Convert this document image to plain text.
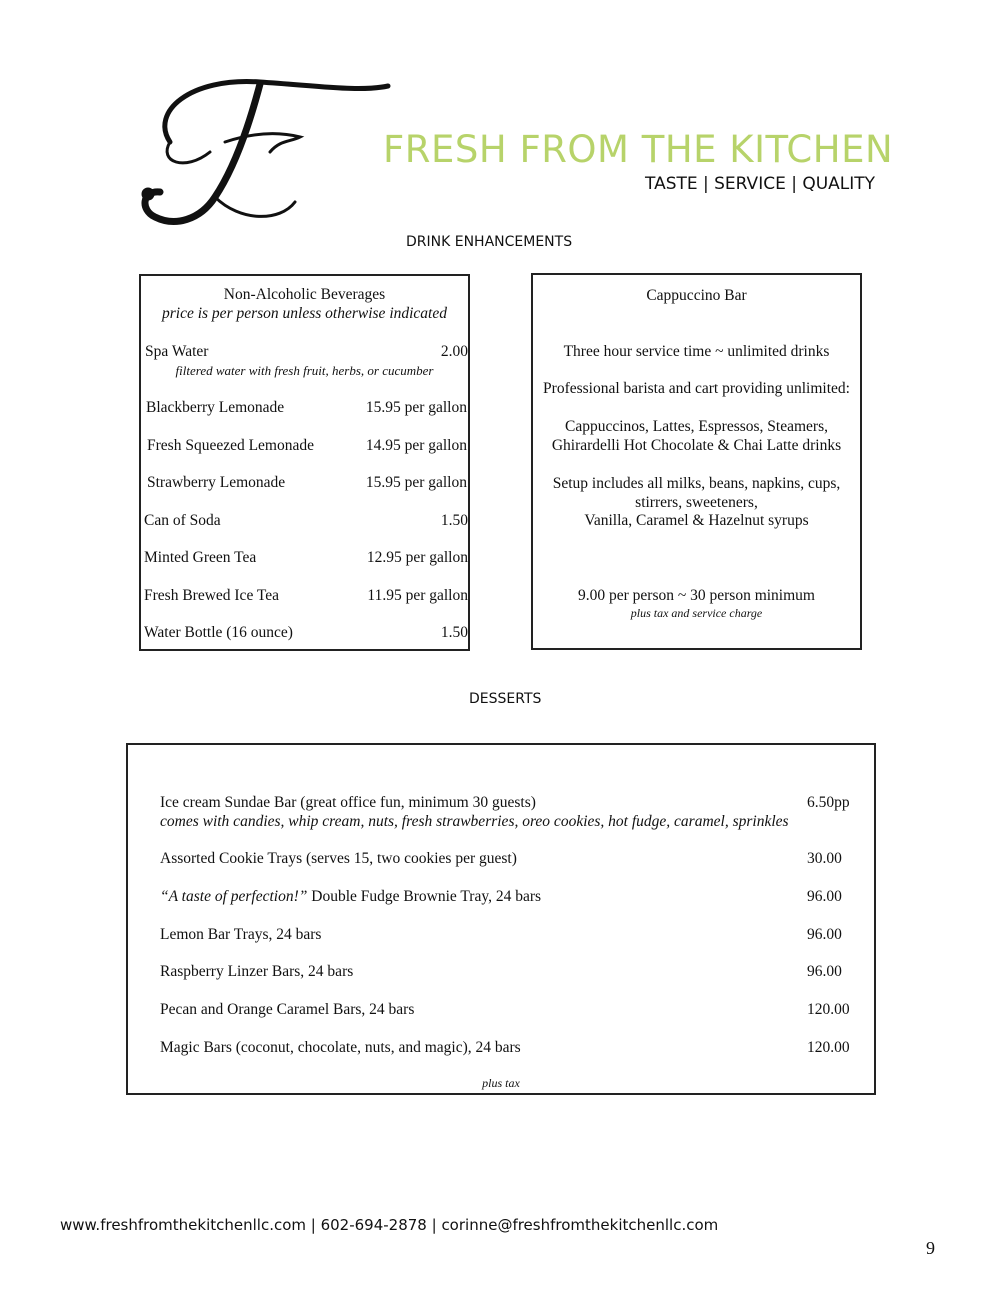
FRESH FROM THE KITCHEN
TASTE | SERVICE | QUALITY
DRINK ENHANCEMENTS
Non-Alcoholic Beverages
price is per person unless otherwise indicated
Spa Water	2.00
filtered water with fresh fruit, herbs, or cucumber
Blackberry Lemonade	15.95 per gallon
Fresh Squeezed Lemonade	14.95 per gallon
Strawberry Lemonade	15.95 per gallon
Can of Soda	1.50
Minted Green Tea	12.95 per gallon
Fresh Brewed Ice Tea	11.95 per gallon
Water Bottle (16 ounce)	1.50
Cappuccino Bar
Three hour service time ~ unlimited drinks
Professional barista and cart providing unlimited:
Cappuccinos, Lattes, Espressos, Steamers,
Ghirardelli Hot Chocolate & Chai Latte drinks
Setup includes all milks, beans, napkins, cups,
stirrers, sweeteners,
Vanilla, Caramel & Hazelnut syrups
9.00 per person ~ 30 person minimum
plus tax and service charge
DESSERTS
Ice cream Sundae Bar (great office fun, minimum 30 guests)	6.50pp
comes with candies, whip cream, nuts, fresh strawberries, oreo cookies, hot fudge, caramel, sprinkles
Assorted Cookie Trays (serves 15, two cookies per guest)	30.00
“A taste of perfection!” Double Fudge Brownie Tray, 24 bars	96.00
Lemon Bar Trays, 24 bars	96.00
Raspberry Linzer Bars, 24 bars	96.00
Pecan and Orange Caramel Bars, 24 bars	120.00
Magic Bars (coconut, chocolate, nuts, and magic), 24 bars	120.00
plus tax
www.freshfromthekitchenllc.com | 602-694-2878 | corinne@freshfromthekitchenllc.com
9
